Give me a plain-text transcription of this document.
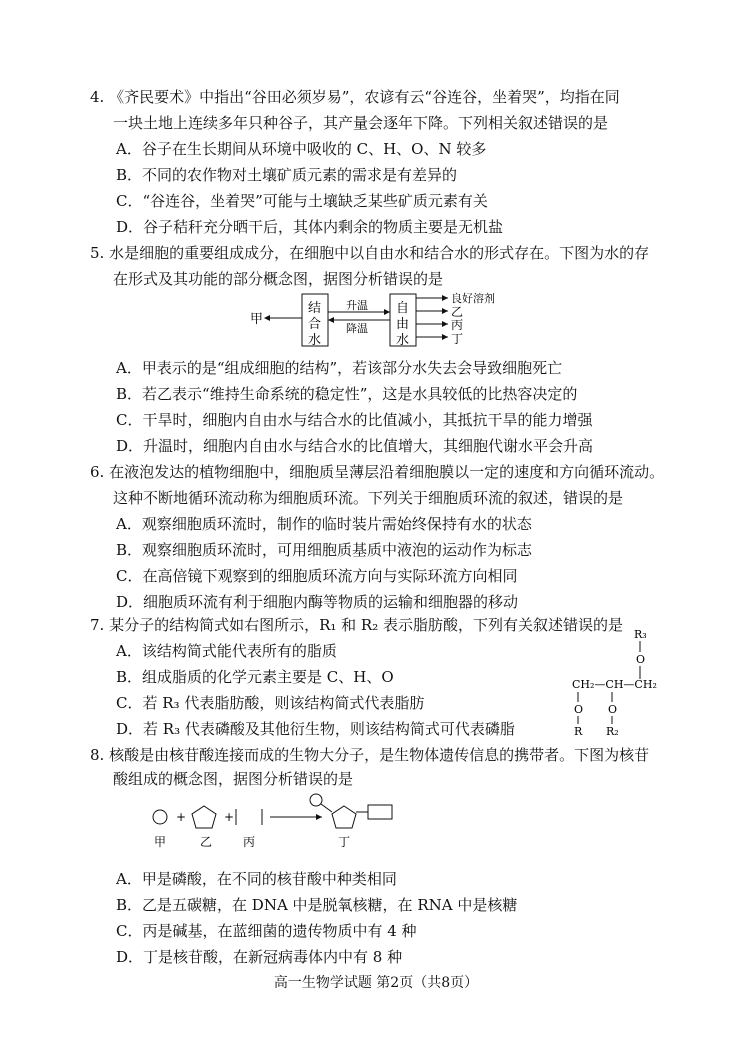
4. 《齐民要术》中指出“谷田必须岁易”，农谚有云“谷连谷，坐着哭”，均指在同
一块土地上连续多年只种谷子，其产量会逐年下降。下列相关叙述错误的是
A．谷子在生长期间从环境中吸收的 C、H、O、N 较多
B．不同的农作物对土壤矿质元素的需求是有差异的
C．“谷连谷，坐着哭”可能与土壤缺乏某些矿质元素有关
D．谷子秸秆充分晒干后，其体内剩余的物质主要是无机盐
5. 水是细胞的重要组成成分，在细胞中以自由水和结合水的形式存在。下图为水的存
在形式及其功能的部分概念图，据图分析错误的是
甲
结
合
水
升温
降温
自
由
水
良好溶剂
乙
丙
丁
A．甲表示的是“组成细胞的结构”，若该部分水失去会导致细胞死亡
B．若乙表示“维持生命系统的稳定性”，这是水具较低的比热容决定的
C．干旱时，细胞内自由水与结合水的比值减小，其抵抗干旱的能力增强
D．升温时，细胞内自由水与结合水的比值增大，其细胞代谢水平会升高
6. 在液泡发达的植物细胞中，细胞质呈薄层沿着细胞膜以一定的速度和方向循环流动。
这种不断地循环流动称为细胞质环流。下列关于细胞质环流的叙述，错误的是
A．观察细胞质环流时，制作的临时装片需始终保持有水的状态
B．观察细胞质环流时，可用细胞质基质中液泡的运动作为标志
C．在高倍镜下观察到的细胞质环流方向与实际环流方向相同
D．细胞质环流有利于细胞内酶等物质的运输和细胞器的移动
7. 某分子的结构简式如右图所示，R₁ 和 R₂ 表示脂肪酸，下列有关叙述错误的是
A．该结构简式能代表所有的脂质
B．组成脂质的化学元素主要是 C、H、O
C．若 R₃ 代表脂肪酸，则该结构简式代表脂肪
D．若 R₃ 代表磷酸及其他衍生物，则该结构简式可代表磷脂
R₃
O
CH₂—CH—CH₂
O
R
O
R₂
8. 核酸是由核苷酸连接而成的生物大分子，是生物体遗传信息的携带者。下图为核苷
酸组成的概念图，据图分析错误的是
+	+
甲	乙	丙	丁
A．甲是磷酸，在不同的核苷酸中种类相同
B．乙是五碳糖，在 DNA 中是脱氧核糖，在 RNA 中是核糖
C．丙是碱基，在蓝细菌的遗传物质中有 4 种
D．丁是核苷酸，在新冠病毒体内中有 8 种
高一生物学试题 第2页（共8页）
